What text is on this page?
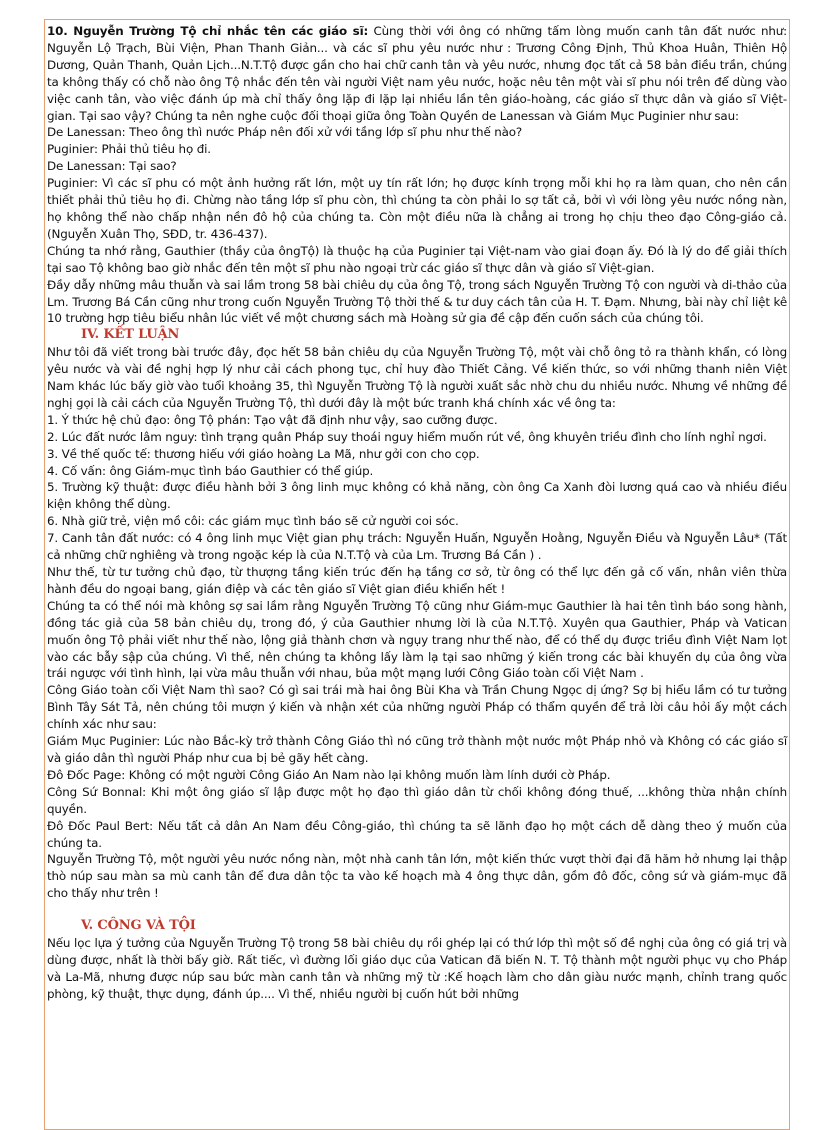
10. Nguyễn Trường Tộ chỉ nhắc tên các giáo sĩ: Cùng thời với ông có những tấm lòng muốn canh tân đất nước như: Nguyễn Lộ Trạch, Bùi Viện, Phan Thanh Giản... và các sĩ phu yêu nước như : Trương Công Định, Thủ Khoa Huân, Thiên Hộ Dương, Quản Thanh, Quản Lịch...N.T.Tộ được gần cho hai chữ canh tân và yêu nước, nhưng đọc tất cả 58 bản điều trần, chúng ta không thấy có chỗ nào ông Tộ nhắc đến tên vài người Việt nam yêu nước, hoặc nêu tên một vài sĩ phu nói trên để dùng vào việc canh tân, vào việc đánh úp mà chỉ thấy ông lặp đi lặp lại nhiều lần tên giáo-hoàng, các giáo sĩ thực dân và giáo sĩ Việt-gian. Tại sao vậy? Chúng ta nên nghe cuộc đối thoại giữa ông Toàn Quyền de Lanessan và Giám Mục Puginier như sau:

De Lanessan: Theo ông thì nước Pháp nên đối xử với tầng lớp sĩ phu như thế nào?

Puginier: Phải thủ tiêu họ đi.

De Lanessan: Tại sao?

Puginier: Vì các sĩ phu có một ảnh hưởng rất lớn, một uy tín rất lớn; họ được kính trọng mỗi khi họ ra làm quan, cho nên cần thiết phải thủ tiêu họ đi. Chừng nào tầng lớp sĩ phu còn, thì chúng ta còn phải lo sợ tất cả, bởi vì với lòng yêu nước nồng nàn, họ không thể nào chấp nhận nền đô hộ của chúng ta. Còn một điều nữa là chẳng ai trong họ chịu theo đạo Công-giáo cả. (Nguyễn Xuân Thọ, SĐD, tr. 436-437).

Chúng ta nhớ rằng, Gauthier (thầy của ôngTộ) là thuộc hạ của Puginier tại Việt-nam vào giai đoạn ấy. Đó là lý do để giải thích tại sao Tộ không bao giờ nhắc đến tên một sĩ phu nào ngoại trừ các giáo sĩ thực dân và giáo sĩ Việt-gian.

Đầy dẫy những mâu thuẫn và sai lầm trong 58 bài chiêu dụ của ông Tộ, trong sách Nguyễn Trường Tộ con người và di-thảo của Lm. Trương Bá Cần cũng như trong cuốn Nguyễn Trường Tộ thời thế & tư duy cách tân của H. T. Đạm. Nhưng, bài này chỉ liệt kê 10 trường hợp tiêu biểu nhân lúc viết về một chương sách mà Hoàng sử gia đề cập đến cuốn sách của chúng tôi.

IV. KẾT LUẬN

Như tôi đã viết trong bài trước đây, đọc hết 58 bản chiêu dụ của Nguyễn Trường Tộ, một vài chỗ ông tỏ ra thành khẩn, có lòng yêu nước và vài đề nghị hợp lý như cải cách phong tục, chỉ huy đào Thiết Cảng. Về kiến thức, so với những thanh niên Việt Nam khác lúc bấy giờ vào tuổi khoảng 35, thì Nguyễn Trường Tộ là người xuất sắc nhờ chu du nhiều nước. Nhưng về những đề nghị gọi là cải cách của Nguyễn Trường Tộ, thì dưới đây là một bức tranh khá chính xác về ông ta:

1. Ý thức hệ chủ đạo: ông Tộ phán: Tạo vật đã định như vậy, sao cưỡng được.

2. Lúc đất nước lâm nguy: tình trạng quân Pháp suy thoái nguy hiểm muốn rút về, ông khuyên triều đình cho lính nghỉ ngơi.

3. Về thế quốc tế: thương hiếu với giáo hoàng La Mã, như gởi con cho cọp.

4. Cố vấn: ông Giám-mục tình báo Gauthier có thể giúp.

5. Trường kỹ thuật: được điều hành bởi 3 ông linh mục không có khả năng, còn ông Ca Xanh đòi lương quá cao và nhiều điều kiện không thể dùng.

6. Nhà giữ trẻ, viện mồ côi: các giám mục tình báo sẽ cử người coi sóc.

7. Canh tân đất nước: có 4 ông linh mục Việt gian phụ trách: Nguyễn Huấn, Nguyễn Hoằng, Nguyễn Điều và Nguyễn Lâu* (Tất cả những chữ nghiêng và trong ngoặc kép là của N.T.Tộ và của Lm. Trương Bá Cần ) .

Như thế, từ tư tưởng chủ đạo, từ thượng tầng kiến trúc đến hạ tầng cơ sở, từ ông có thể lực đến gả cố vấn, nhân viên thừa hành đều do ngoại bang, gián điệp và các tên giáo sĩ Việt gian điều khiển hết !

Chúng ta có thể nói mà không sợ sai lầm rằng Nguyễn Trường Tộ cũng như Giám-mục Gauthier là hai tên tình báo song hành, đồng tác giả của 58 bản chiêu dụ, trong đó, ý của Gauthier nhưng lời là của N.T.Tộ. Xuyên qua Gauthier, Pháp và Vatican muốn ông Tộ phải viết như thế nào, lộng giả thành chơn và ngụy trang như thế nào, để có thể dụ được triều đình Việt Nam lọt vào các bẫy sập của chúng. Vì thế, nên chúng ta không lấy làm lạ tại sao những ý kiến trong các bài khuyến dụ của ông vừa trái ngược với tình hình, lại vừa mâu thuẫn với nhau, bủa một mạng lưới Công Giáo toàn cối Việt Nam .

Công Giáo toàn cối Việt Nam thì sao? Có gì sai trái mà hai ông Bùi Kha và Trần Chung Ngọc dị ứng? Sợ bị hiểu lầm có tư tưởng Bình Tây Sát Tả, nên chúng tôi mượn ý kiến và nhận xét của những người Pháp có thẩm quyền để trả lời câu hỏi ấy một cách chính xác như sau:

Giám Mục Puginier: Lúc nào Bắc-kỳ trở thành Công Giáo thì nó cũng trở thành một nước một Pháp nhỏ và Không có các giáo sĩ và giáo dân thì người Pháp như cua bị bẻ gãy hết càng.

Đô Đốc Page: Không có một người Công Giáo An Nam nào lại không muốn làm lính dưới cờ Pháp.

Công Sứ Bonnal: Khi một ông giáo sĩ lập được một họ đạo thì giáo dân từ chối không đóng thuế, ...không thừa nhận chính quyền.

Đô Đốc Paul Bert: Nếu tất cả dân An Nam đều Công-giáo, thì chúng ta sẽ lãnh đạo họ một cách dễ dàng theo ý muốn của chúng ta.

Nguyễn Trường Tộ, một người yêu nước nồng nàn, một nhà canh tân lớn, một kiến thức vượt thời đại đã hăm hở nhưng lại thập thò núp sau màn sa mù canh tân để đưa dân tộc ta vào kế hoạch mà 4 ông thực dân, gồm đô đốc, công sứ và giám-mục đã cho thấy như trên !

V. CÔNG VÀ TỘI

Nếu lọc lựa ý tưởng của Nguyễn Trường Tộ trong 58 bài chiêu dụ rồi ghép lại có thứ lớp thì một số đề nghị của ông có giá trị và dùng được, nhất là thời bấy giờ. Rất tiếc, vì đường lối giáo dục của Vatican đã biến N. T. Tộ thành một người phục vụ cho Pháp và La-Mã, nhưng được núp sau bức màn canh tân và những mỹ từ :Kế hoạch làm cho dân giàu nước mạnh, chỉnh trang quốc phòng, kỹ thuật, thực dụng, đánh úp.... Vì thế, nhiều người bị cuốn hút bởi những
